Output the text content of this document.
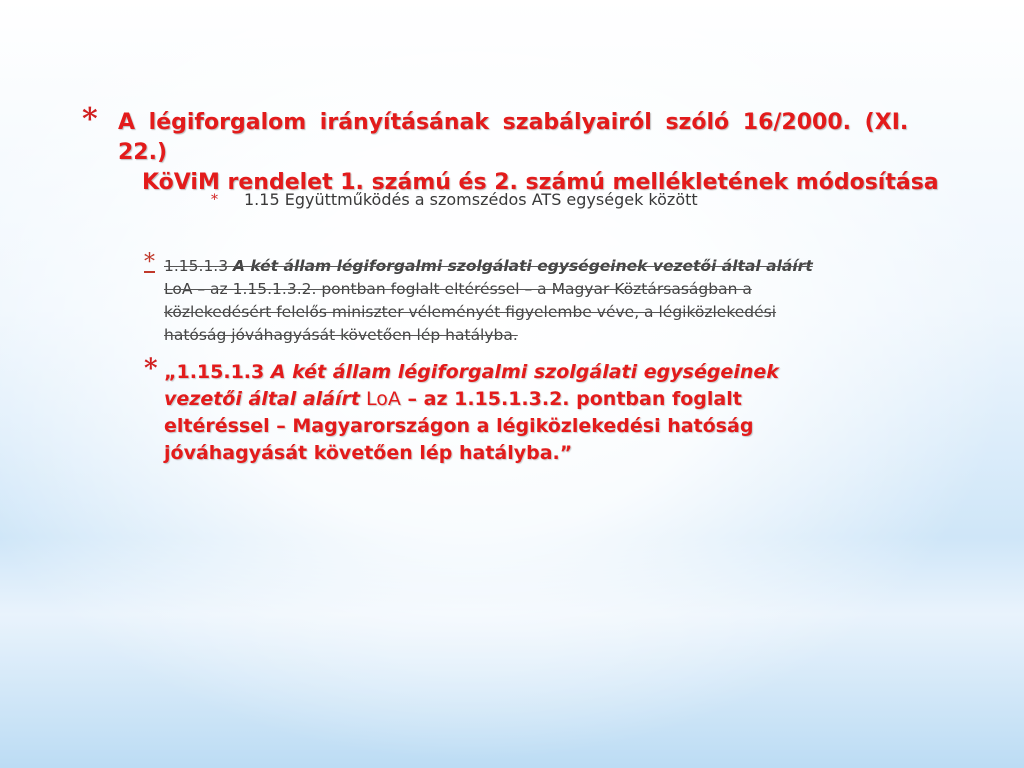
* A légiforgalom irányításának szabályairól szóló 16/2000. (XI. 22.)
KöViM rendelet 1. számú és 2. számú mellékletének módosítása
* 1.15 Együttműködés a szomszédos ATS egységek között
* 1.15.1.3 A két állam légiforgalmi szolgálati egységeinek vezetői által aláírt LoA – az 1.15.1.3.2. pontban foglalt eltéréssel – a Magyar Köztársaságban a közlekedésért felelős miniszter véleményét figyelembe véve, a légiközlekedési hatóság jóváhagyását követően lép hatályba.
* „1.15.1.3 A két állam légiforgalmi szolgálati egységeinek vezetői által aláírt LoA – az 1.15.1.3.2. pontban foglalt eltéréssel – Magyarországon a légiközlekedési hatóság jóváhagyását követően lép hatályba.”
